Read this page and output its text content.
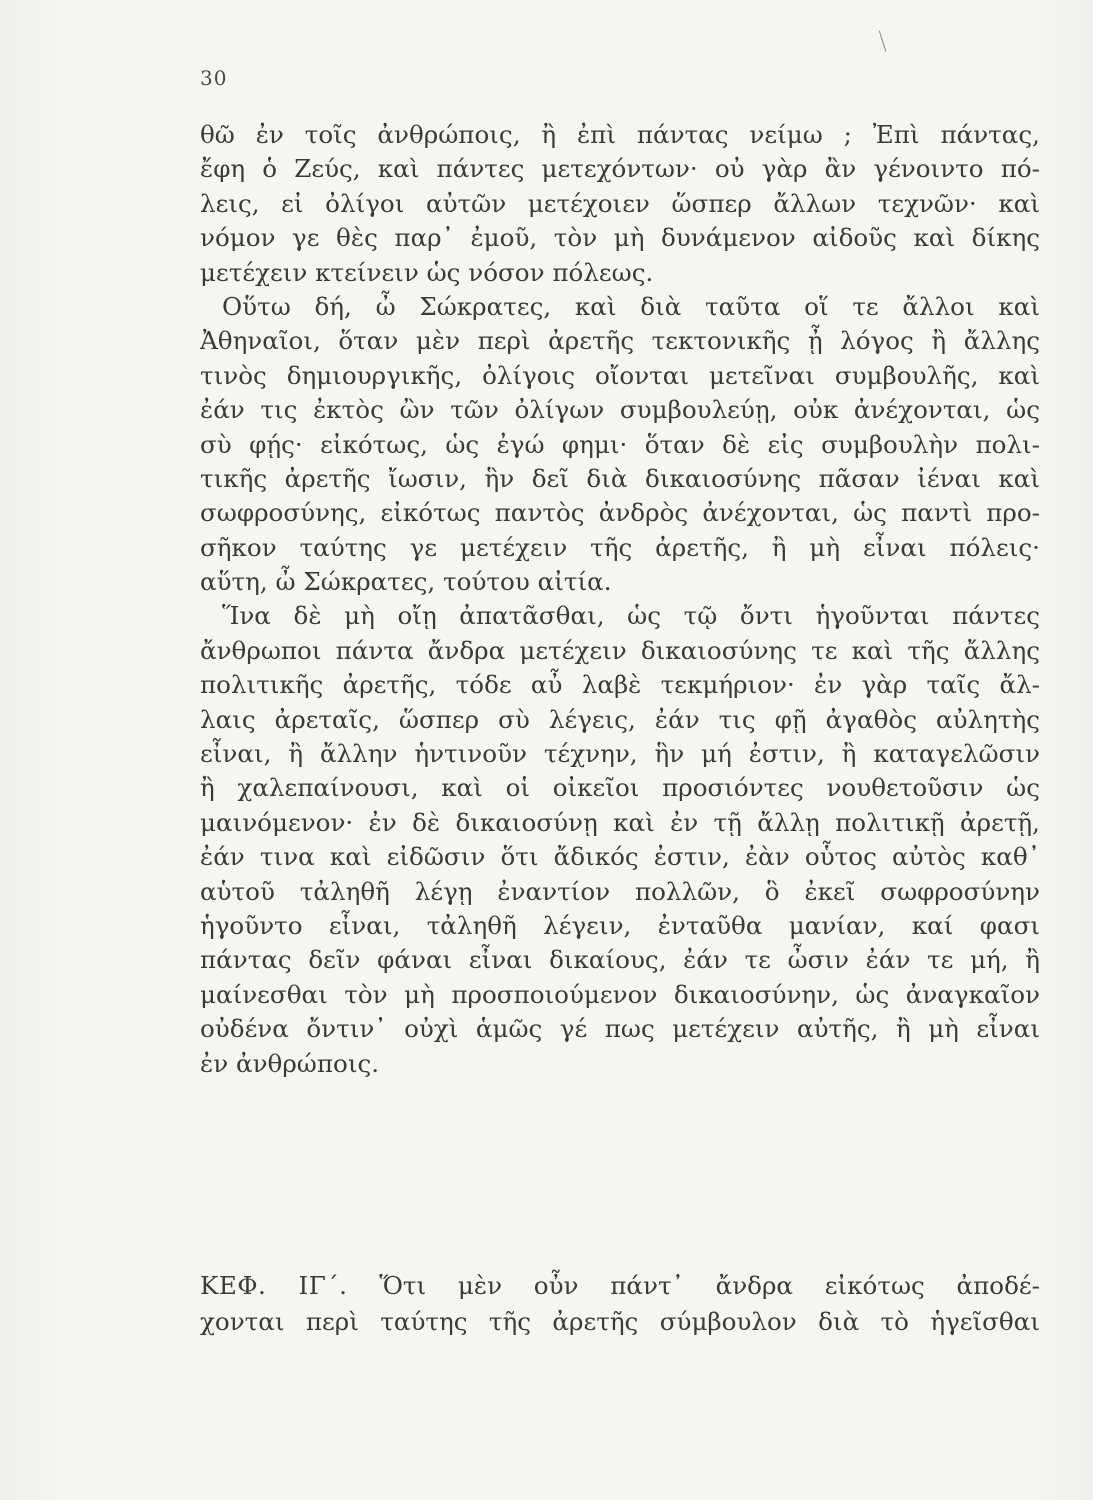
30
θῶ ἐν τοῖς ἀνθρώποις, ἢ ἐπὶ πάντας νείμω ; Ἐπὶ πάντας,
ἔφη ὁ Ζεύς, καὶ πάντες μετεχόντων· οὐ γὰρ ἂν γένοιντο πό-
λεις, εἰ ὀλίγοι αὐτῶν μετέχοιεν ὥσπερ ἄλλων τεχνῶν· καὶ
νόμον γε θὲς παρ᾽ ἐμοῦ, τὸν μὴ δυνάμενον αἰδοῦς καὶ δίκης
μετέχειν κτείνειν ὡς νόσον πόλεως.
Οὕτω δή, ὦ Σώκρατες, καὶ διὰ ταῦτα οἵ τε ἄλλοι καὶ
Ἀθηναῖοι, ὅταν μὲν περὶ ἀρετῆς τεκτονικῆς ᾖ λόγος ἢ ἄλλης
τινὸς δημιουργικῆς, ὀλίγοις οἴονται μετεῖναι συμβουλῆς, καὶ
ἐάν τις ἐκτὸς ὢν τῶν ὀλίγων συμβουλεύῃ, οὐκ ἀνέχονται, ὡς
σὺ φῄς· εἰκότως, ὡς ἐγώ φημι· ὅταν δὲ εἰς συμβουλὴν πολι-
τικῆς ἀρετῆς ἴωσιν, ἣν δεῖ διὰ δικαιοσύνης πᾶσαν ἰέναι καὶ
σωφροσύνης, εἰκότως παντὸς ἀνδρὸς ἀνέχονται, ὡς παντὶ προ-
σῆκον ταύτης γε μετέχειν τῆς ἀρετῆς, ἢ μὴ εἶναι πόλεις·
αὕτη, ὦ Σώκρατες, τούτου αἰτία.
Ἵνα δὲ μὴ οἴῃ ἀπατᾶσθαι, ὡς τῷ ὄντι ἡγοῦνται πάντες
ἄνθρωποι πάντα ἄνδρα μετέχειν δικαιοσύνης τε καὶ τῆς ἄλλης
πολιτικῆς ἀρετῆς, τόδε αὖ λαβὲ τεκμήριον· ἐν γὰρ ταῖς ἄλ-
λαις ἀρεταῖς, ὥσπερ σὺ λέγεις, ἐάν τις φῇ ἀγαθὸς αὐλητὴς
εἶναι, ἢ ἄλλην ἡντινοῦν τέχνην, ἣν μή ἐστιν, ἢ καταγελῶσιν
ἢ χαλεπαίνουσι, καὶ οἱ οἰκεῖοι προσιόντες νουθετοῦσιν ὡς
μαινόμενον· ἐν δὲ δικαιοσύνῃ καὶ ἐν τῇ ἄλλῃ πολιτικῇ ἀρετῇ,
ἐάν τινα καὶ εἰδῶσιν ὅτι ἄδικός ἐστιν, ἐὰν οὗτος αὐτὸς καθ᾽
αὑτοῦ τἀληθῆ λέγῃ ἐναντίον πολλῶν, ὃ ἐκεῖ σωφροσύνην
ἡγοῦντο εἶναι, τἀληθῆ λέγειν, ἐνταῦθα μανίαν, καί φασι
πάντας δεῖν φάναι εἶναι δικαίους, ἐάν τε ὦσιν ἐάν τε μή, ἢ
μαίνεσθαι τὸν μὴ προσποιούμενον δικαιοσύνην, ὡς ἀναγκαῖον
οὐδένα ὄντιν᾽ οὐχὶ ἁμῶς γέ πως μετέχειν αὐτῆς, ἢ μὴ εἶναι
ἐν ἀνθρώποις.
ΚΕΦ. ΙΓ΄. Ὅτι μὲν οὖν πάντ᾽ ἄνδρα εἰκότως ἀποδέ-
χονται περὶ ταύτης τῆς ἀρετῆς σύμβουλον διὰ τὸ ἡγεῖσθαι
